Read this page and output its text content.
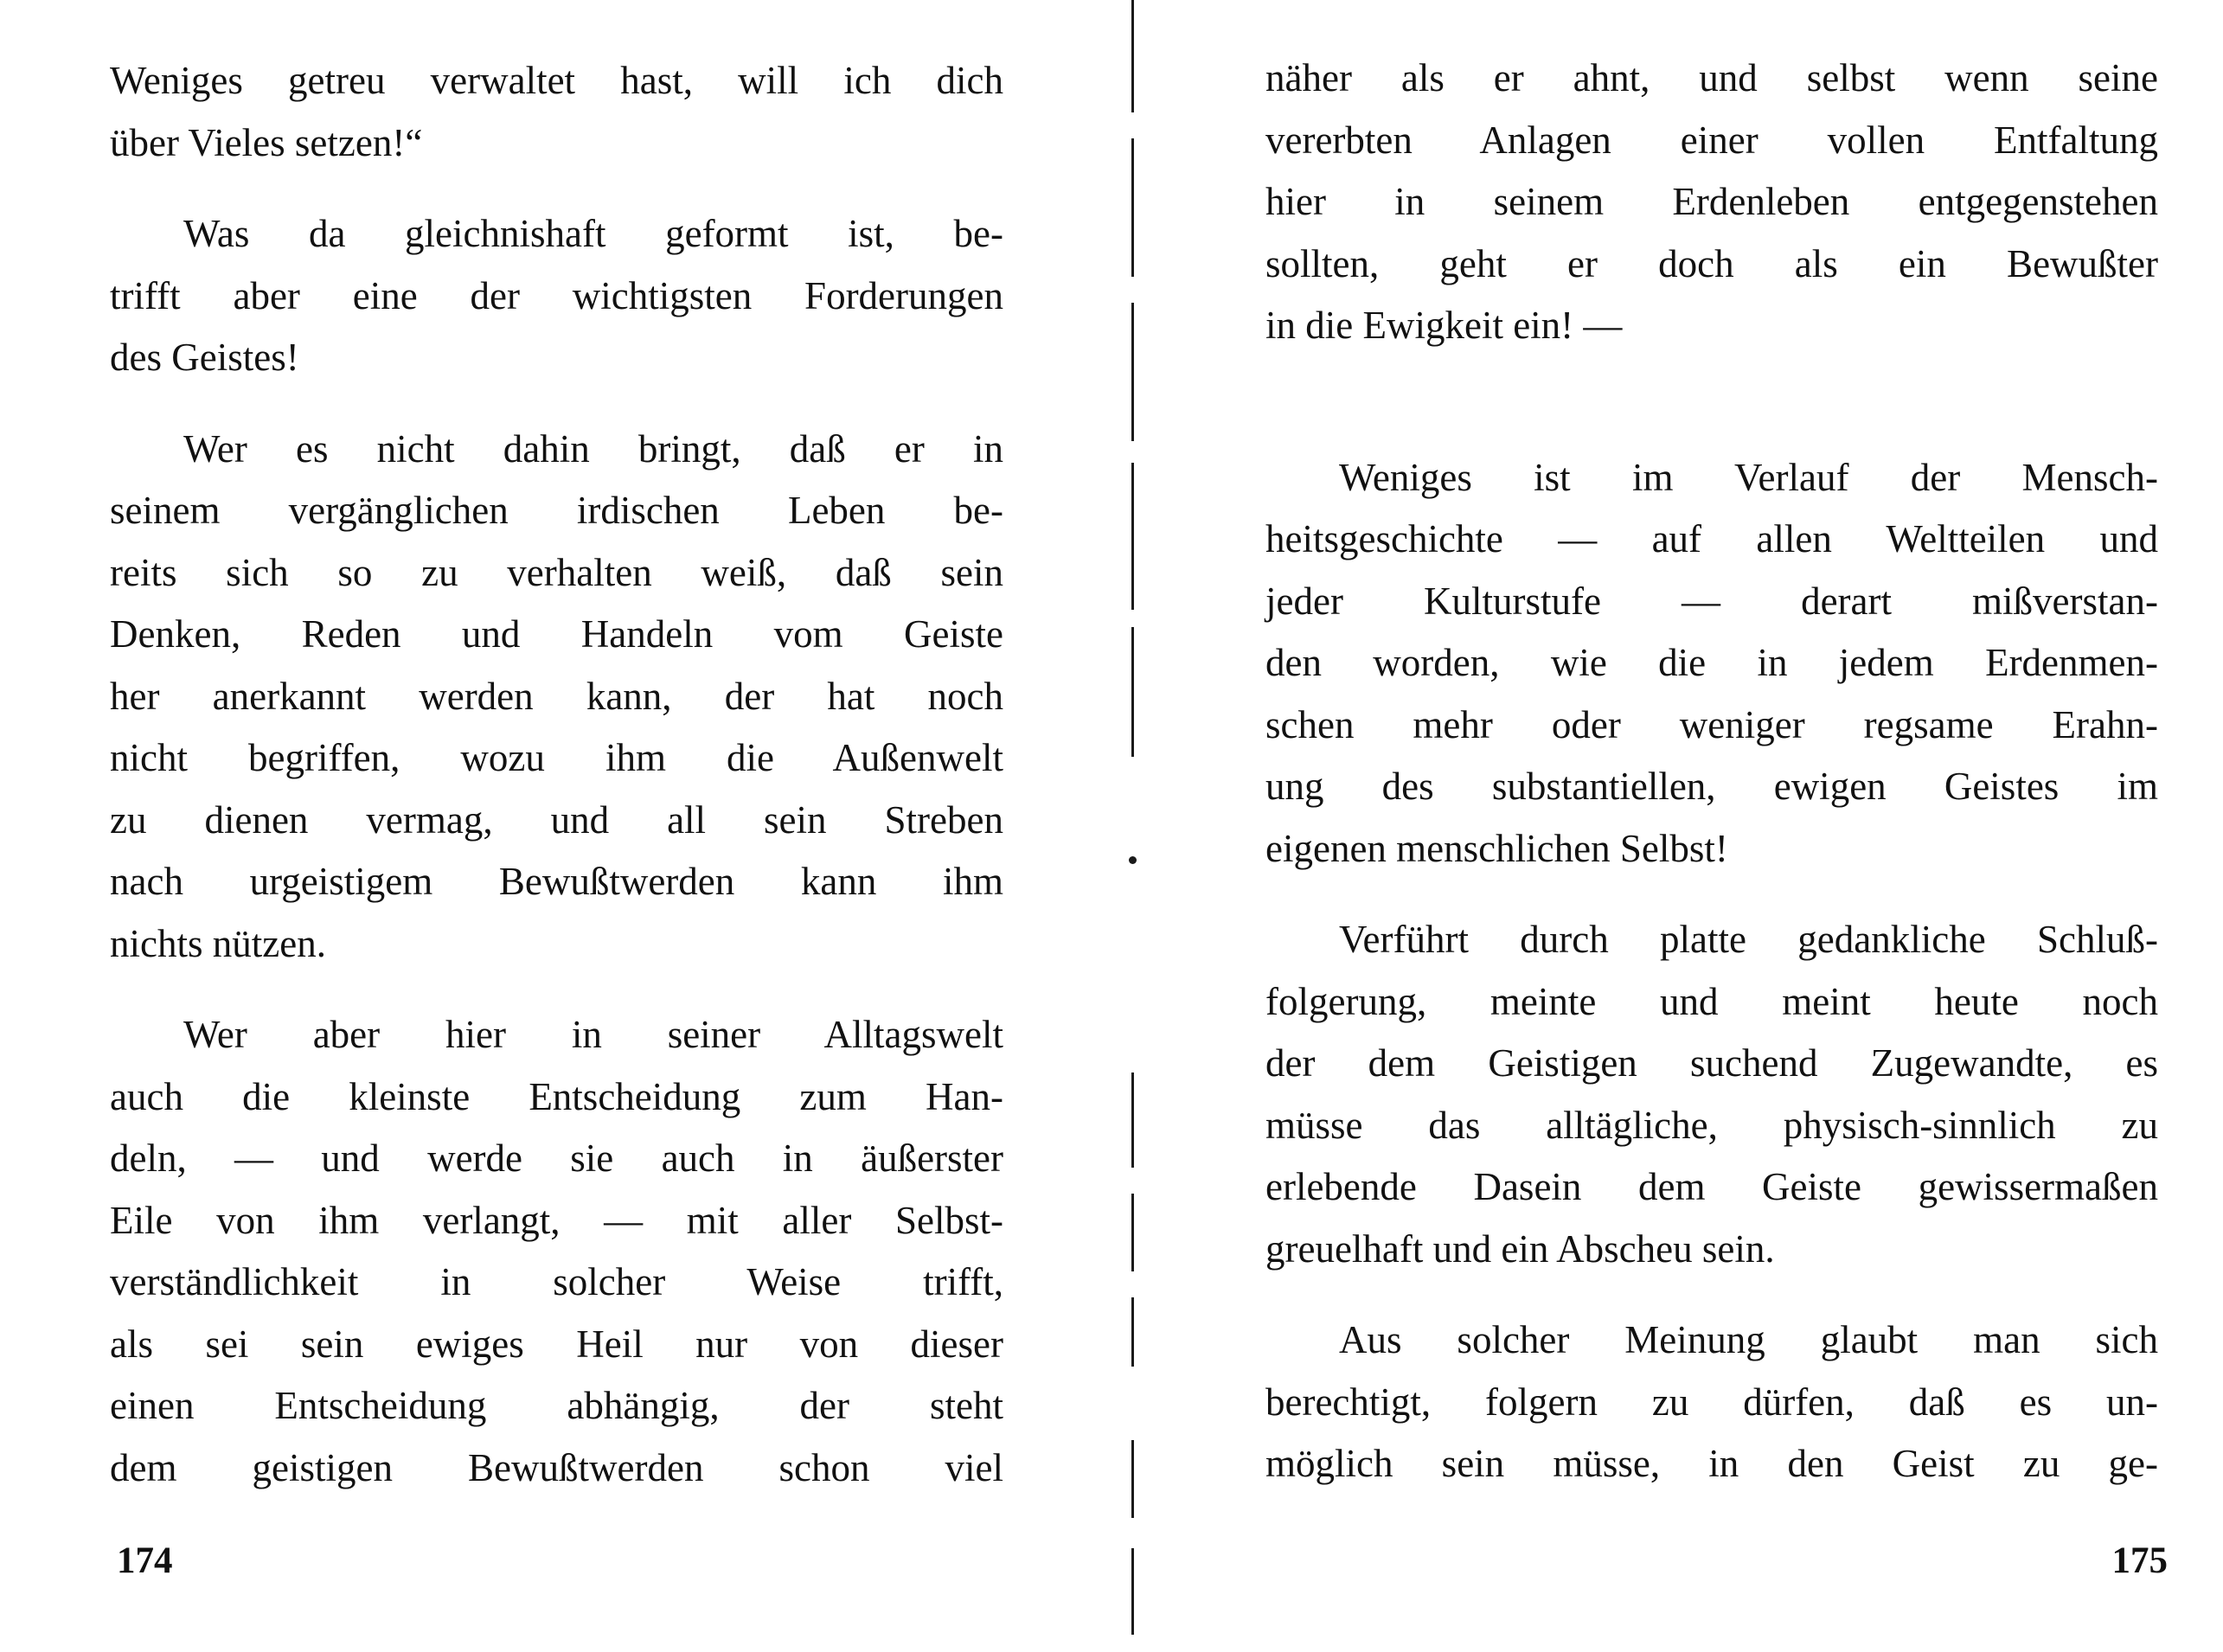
Weniges getreu verwaltet hast, will ich dich
über Vieles setzen!“
Was da gleichnishaft geformt ist, be-
trifft aber eine der wichtigsten Forderungen
des Geistes!
Wer es nicht dahin bringt, daß er in
seinem vergänglichen irdischen Leben be-
reits sich so zu verhalten weiß, daß sein
Denken, Reden und Handeln vom Geiste
her anerkannt werden kann, der hat noch
nicht begriffen, wozu ihm die Außenwelt
zu dienen vermag, und all sein Streben
nach urgeistigem Bewußtwerden kann ihm
nichts nützen.
Wer aber hier in seiner Alltagswelt
auch die kleinste Entscheidung zum Han-
deln, — und werde sie auch in äußerster
Eile von ihm verlangt, — mit aller Selbst-
verständlichkeit in solcher Weise trifft,
als sei sein ewiges Heil nur von dieser
einen Entscheidung abhängig, der steht
dem geistigen Bewußtwerden schon viel
174
näher als er ahnt, und selbst wenn seine
vererbten Anlagen einer vollen Entfaltung
hier in seinem Erdenleben entgegenstehen
sollten, geht er doch als ein Bewußter
in die Ewigkeit ein! —
Weniges ist im Verlauf der Mensch-
heitsgeschichte — auf allen Weltteilen und
jeder Kulturstufe — derart mißverstan-
den worden, wie die in jedem Erdenmen-
schen mehr oder weniger regsame Erahn-
ung des substantiellen, ewigen Geistes im
eigenen menschlichen Selbst!
Verführt durch platte gedankliche Schluß-
folgerung, meinte und meint heute noch
der dem Geistigen suchend Zugewandte, es
müsse das alltägliche, physisch-sinnlich zu
erlebende Dasein dem Geiste gewissermaßen
greuelhaft und ein Abscheu sein.
Aus solcher Meinung glaubt man sich
berechtigt, folgern zu dürfen, daß es un-
möglich sein müsse, in den Geist zu ge-
175
